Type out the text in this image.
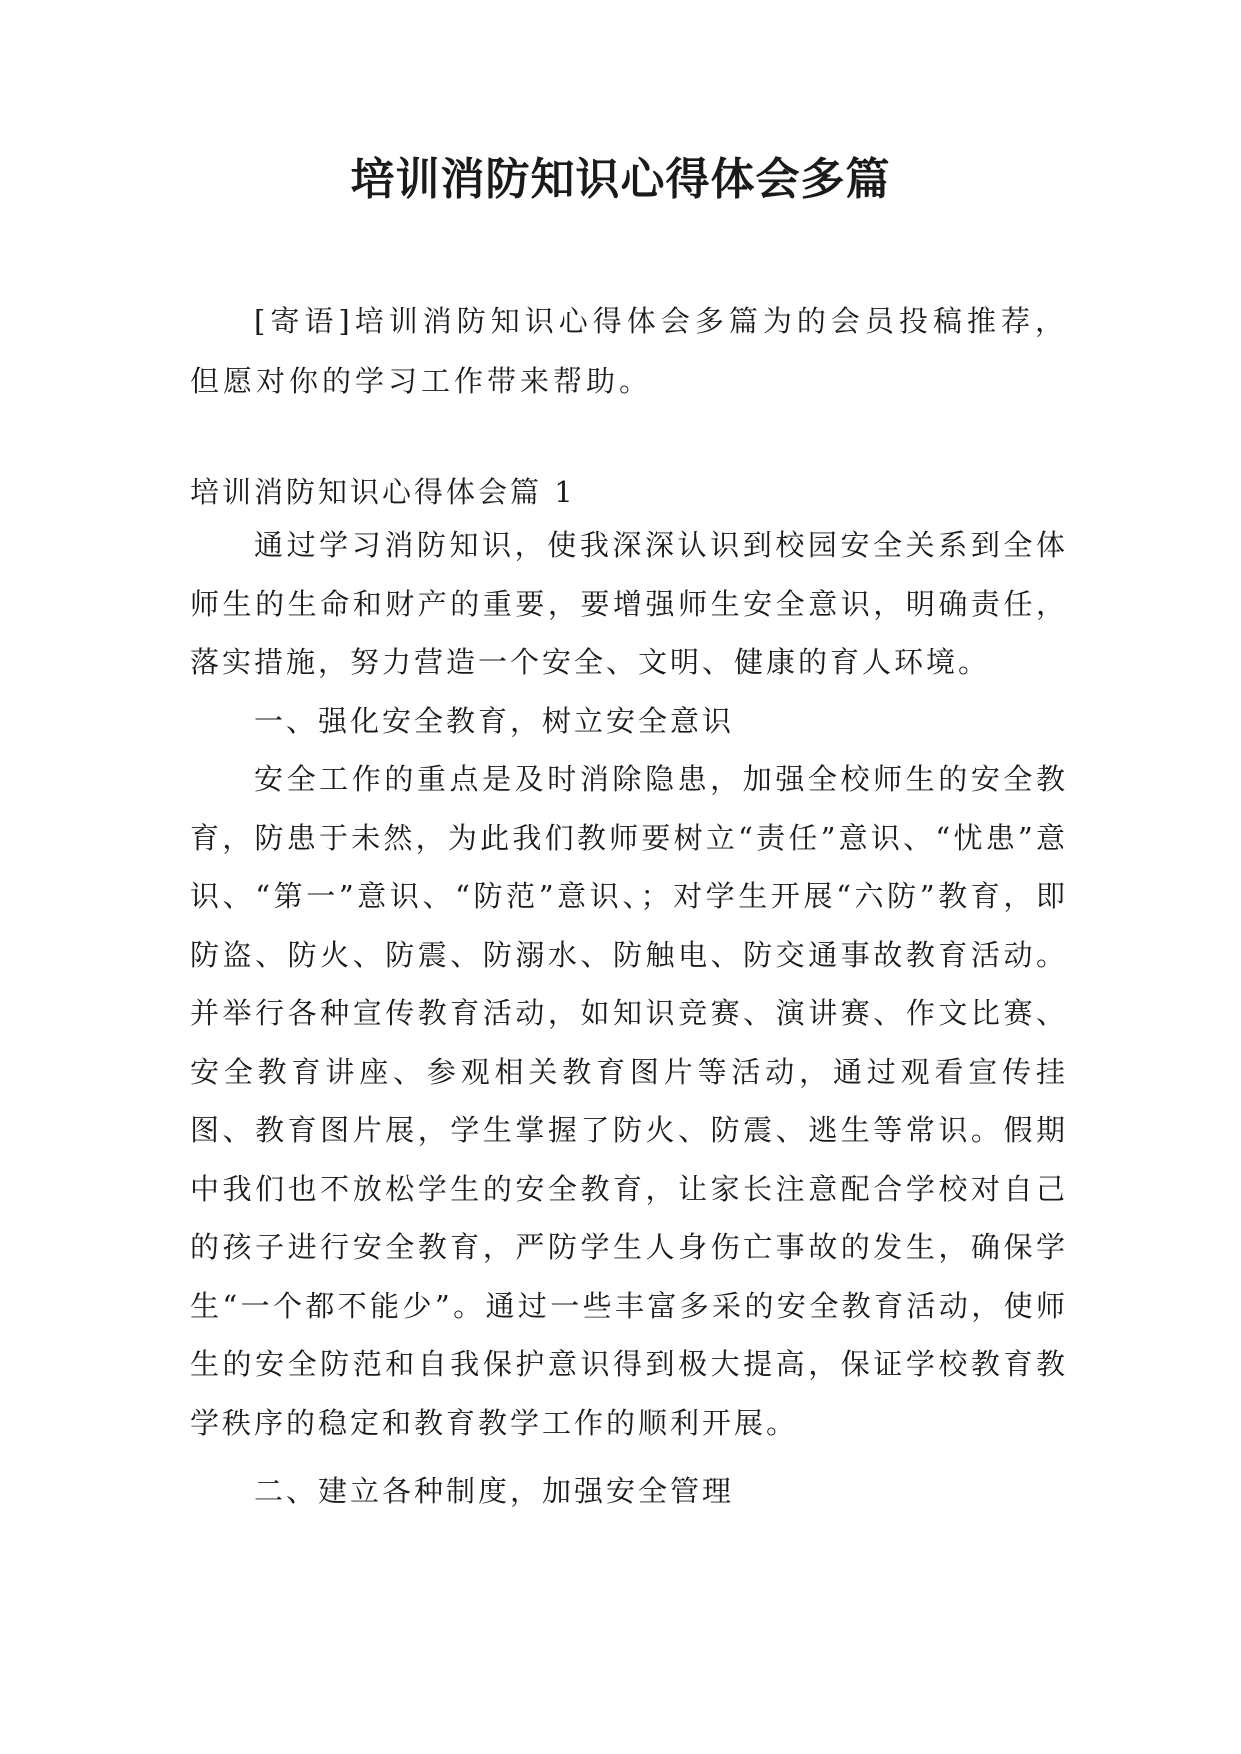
培训消防知识心得体会多篇

[寄语]培训消防知识心得体会多篇为的会员投稿推荐，但愿对你的学习工作带来帮助。

培训消防知识心得体会篇 1

通过学习消防知识，使我深深认识到校园安全关系到全体师生的生命和财产的重要，要增强师生安全意识，明确责任，落实措施，努力营造一个安全、文明、健康的育人环境。

一、强化安全教育，树立安全意识

安全工作的重点是及时消除隐患，加强全校师生的安全教育，防患于未然，为此我们教师要树立“责任”意识、“忧患”意识、“第一”意识、“防范”意识、；对学生开展“六防”教育，即防盗、防火、防震、防溺水、防触电、防交通事故教育活动。并举行各种宣传教育活动，如知识竞赛、演讲赛、作文比赛、安全教育讲座、参观相关教育图片等活动，通过观看宣传挂图、教育图片展，学生掌握了防火、防震、逃生等常识。假期中我们也不放松学生的安全教育，让家长注意配合学校对自己的孩子进行安全教育，严防学生人身伤亡事故的发生，确保学生“一个都不能少”。通过一些丰富多采的安全教育活动，使师生的安全防范和自我保护意识得到极大提高，保证学校教育教学秩序的稳定和教育教学工作的顺利开展。

二、建立各种制度，加强安全管理
